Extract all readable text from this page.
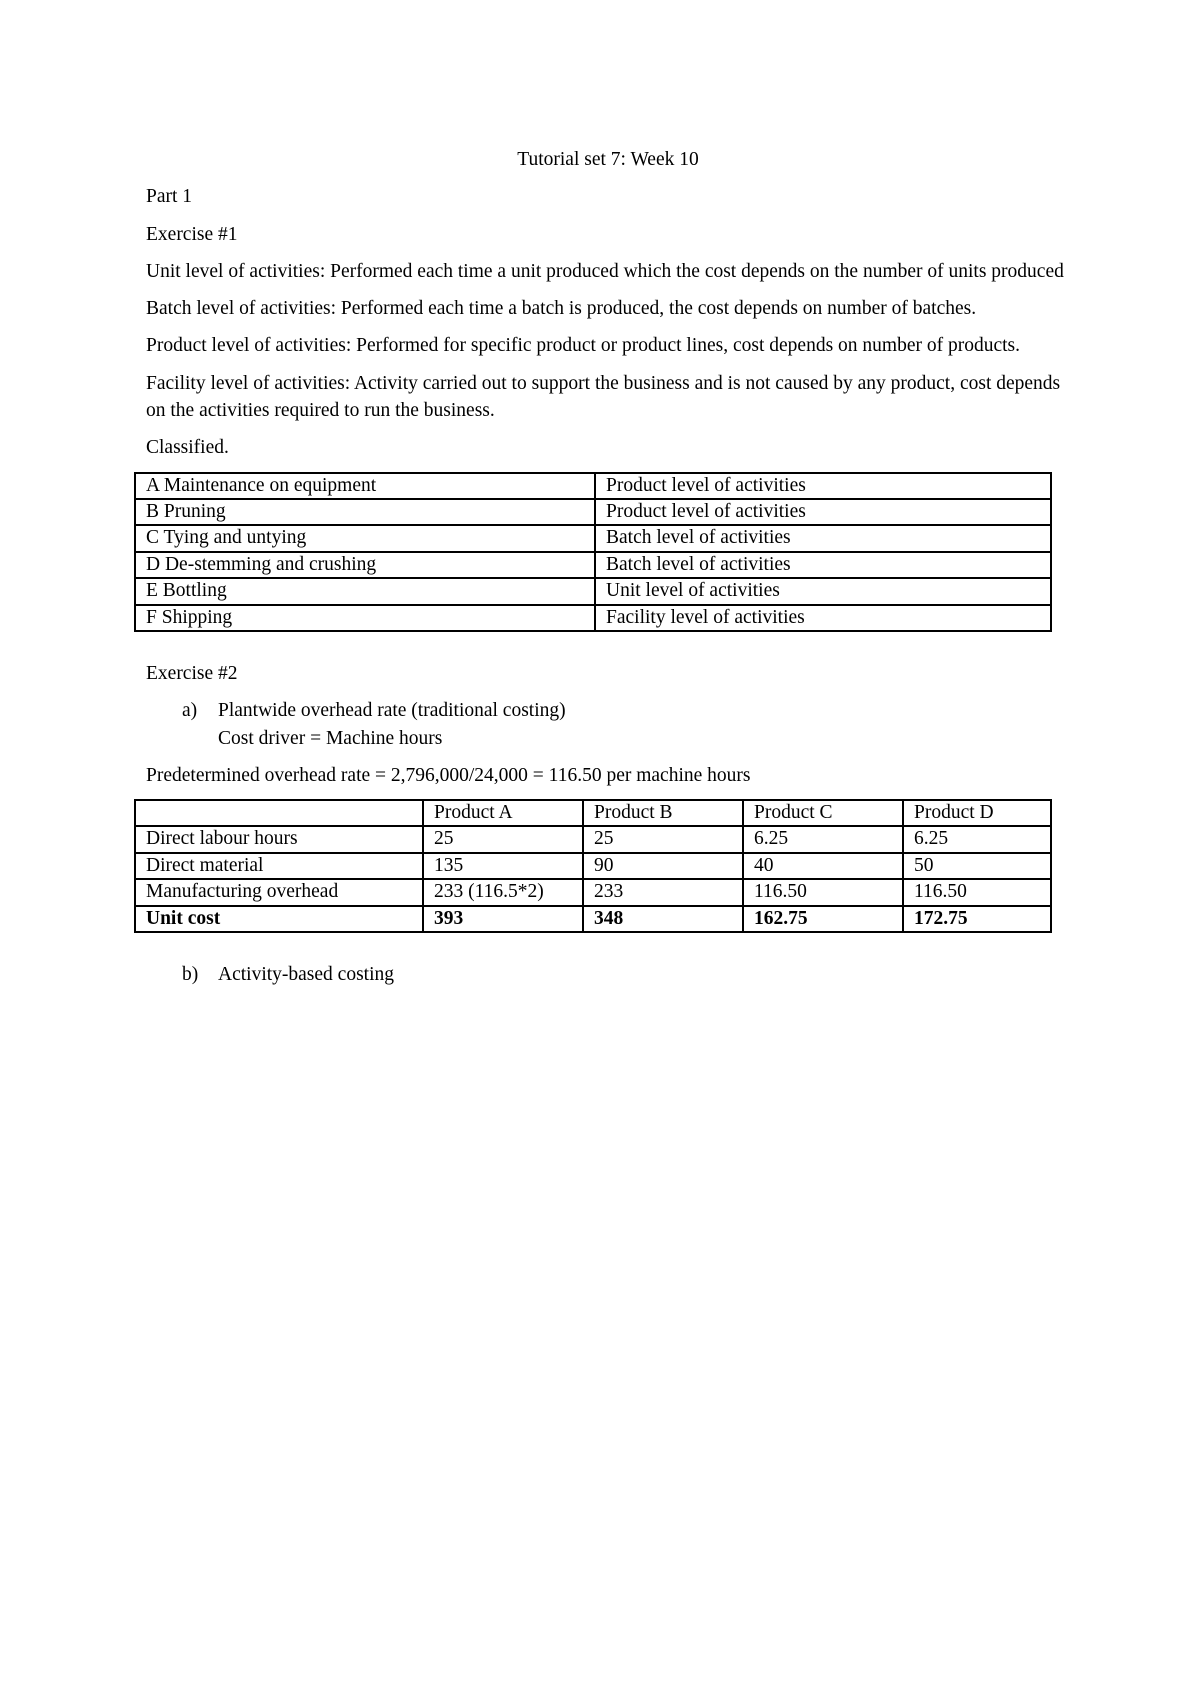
Tutorial set 7: Week 10

Part 1

Exercise #1

Unit level of activities: Performed each time a unit produced which the cost depends on the number of units produced

Batch level of activities: Performed each time a batch is produced, the cost depends on number of batches.

Product level of activities: Performed for specific product or product lines, cost depends on number of products.

Facility level of activities: Activity carried out to support the business and is not caused by any product, cost depends on the activities required to run the business.

Classified.

A Maintenance on equipment	Product level of activities
B Pruning	Product level of activities
C Tying and untying	Batch level of activities
D De-stemming and crushing	Batch level of activities
E Bottling	Unit level of activities
F Shipping	Facility level of activities

Exercise #2

a)	Plantwide overhead rate (traditional costing)
Cost driver = Machine hours

Predetermined overhead rate = 2,796,000/24,000 = 116.50 per machine hours

	Product A	Product B	Product C	Product D
Direct labour hours	25	25	6.25	6.25
Direct material	135	90	40	50
Manufacturing overhead	233 (116.5*2)	233	116.50	116.50
Unit cost	393	348	162.75	172.75
b)	Activity-based costing
